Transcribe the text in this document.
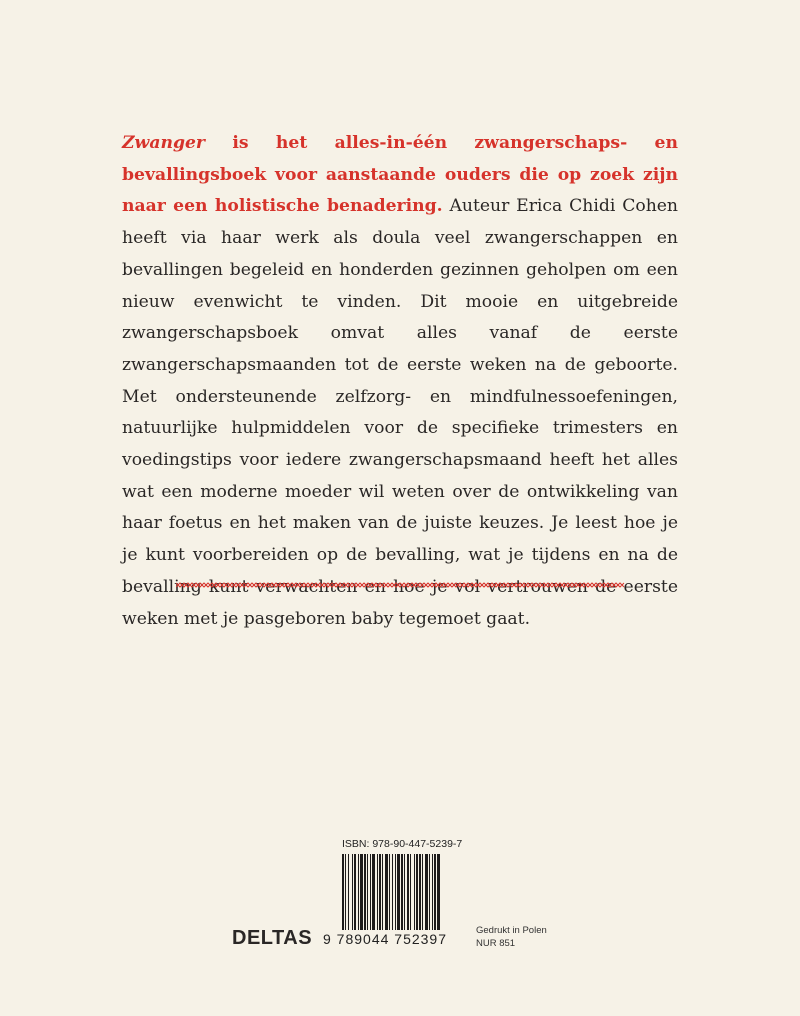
Zwanger is het alles-in-één zwangerschaps- en bevallingsboek voor aanstaande ouders die op zoek zijn naar een holistische benadering. Auteur Erica Chidi Cohen heeft via haar werk als doula veel zwangerschappen en bevallingen begeleid en honderden gezinnen geholpen om een nieuw evenwicht te vinden. Dit mooie en uitgebreide zwangerschapsboek omvat alles vanaf de eerste zwangerschapsmaanden tot de eerste weken na de geboorte. Met ondersteunende zelfzorg- en mindfulnessoefeningen, natuurlijke hulpmiddelen voor de specifieke trimesters en voedingstips voor iedere zwangerschapsmaand heeft het alles wat een moderne moeder wil weten over de ontwikkeling van haar foetus en het maken van de juiste keuzes. Je leest hoe je je kunt voorbereiden op de bevalling, wat je tijdens en na de bevalling kunt verwachten en hoe je vol vertrouwen de eerste weken met je pasgeboren baby tegemoet gaat.

ISBN: 978-90-447-5239-7
9 789044 752397
DELTAS	Gedrukt in Polen
NUR 851
